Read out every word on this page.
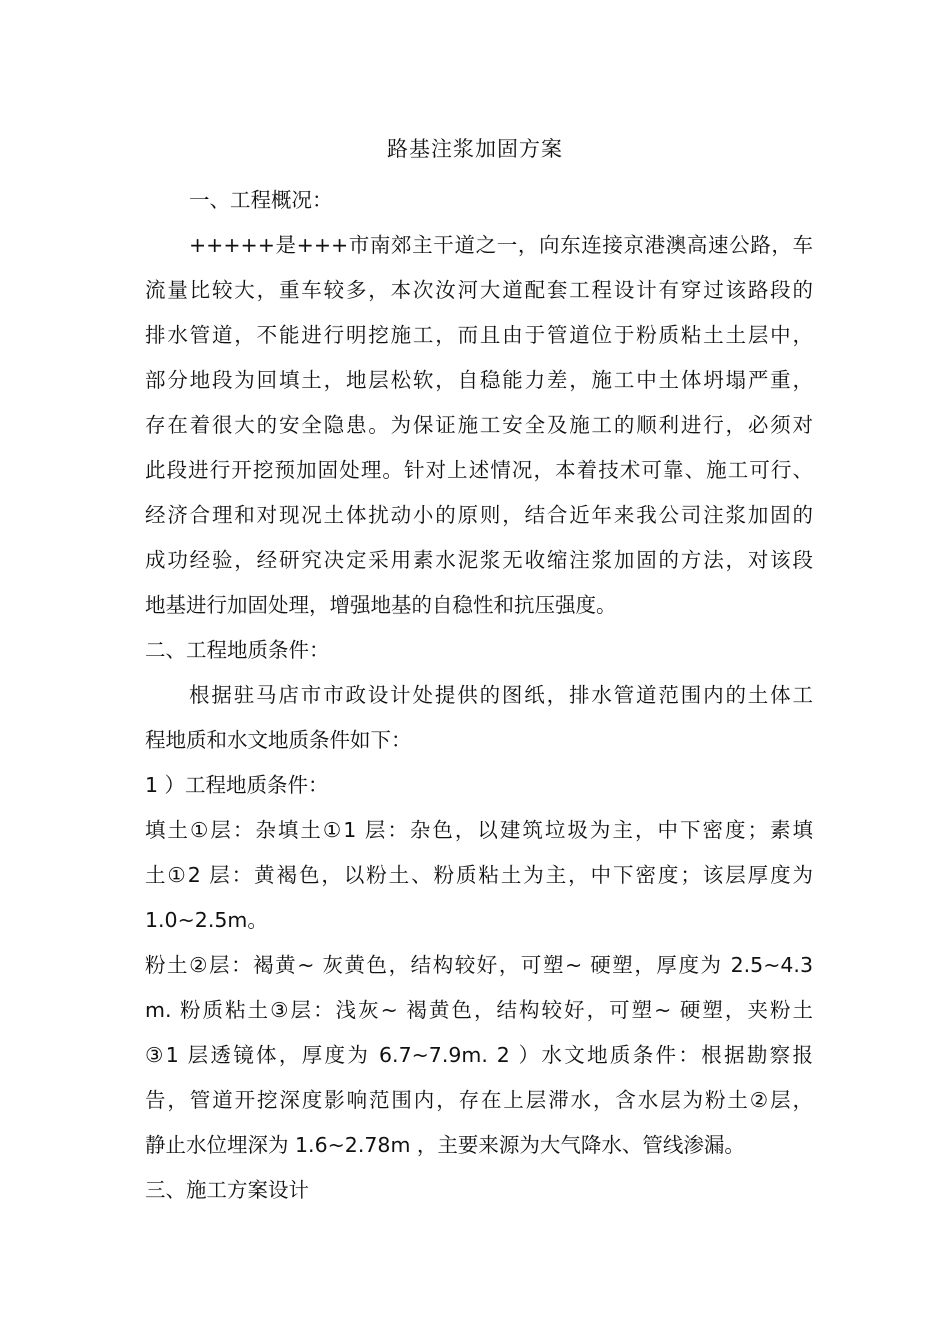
路基注浆加固方案
一、工程概况：
+++++是+++市南郊主干道之一，向东连接京港澳高速公路，车
流量比较大，重车较多，本次汝河大道配套工程设计有穿过该路段的
排水管道，不能进行明挖施工，而且由于管道位于粉质粘土土层中，
部分地段为回填土，地层松软，自稳能力差，施工中土体坍塌严重，
存在着很大的安全隐患。为保证施工安全及施工的顺利进行，必须对
此段进行开挖预加固处理。针对上述情况，本着技术可靠、施工可行、
经济合理和对现况土体扰动小的原则，结合近年来我公司注浆加固的
成功经验，经研究决定采用素水泥浆无收缩注浆加固的方法，对该段
地基进行加固处理，增强地基的自稳性和抗压强度。
二、工程地质条件：
根据驻马店市市政设计处提供的图纸，排水管道范围内的土体工
程地质和水文地质条件如下：
1 ）工程地质条件：
填土①层：杂填土①1 层：杂色，以建筑垃圾为主，中下密度；素填
土①2 层：黄褐色，以粉土、粉质粘土为主，中下密度；该层厚度为
1.0~2.5m。
粉土②层：褐黄~ 灰黄色，结构较好，可塑~ 硬塑，厚度为 2.5~4.3
m. 粉质粘土③层：浅灰~ 褐黄色，结构较好，可塑~ 硬塑，夹粉土
③1 层透镜体，厚度为 6.7~7.9m. 2 ）水文地质条件：根据勘察报
告，管道开挖深度影响范围内，存在上层滞水，含水层为粉土②层，
静止水位埋深为 1.6~2.78m ，主要来源为大气降水、管线渗漏。
三、施工方案设计
